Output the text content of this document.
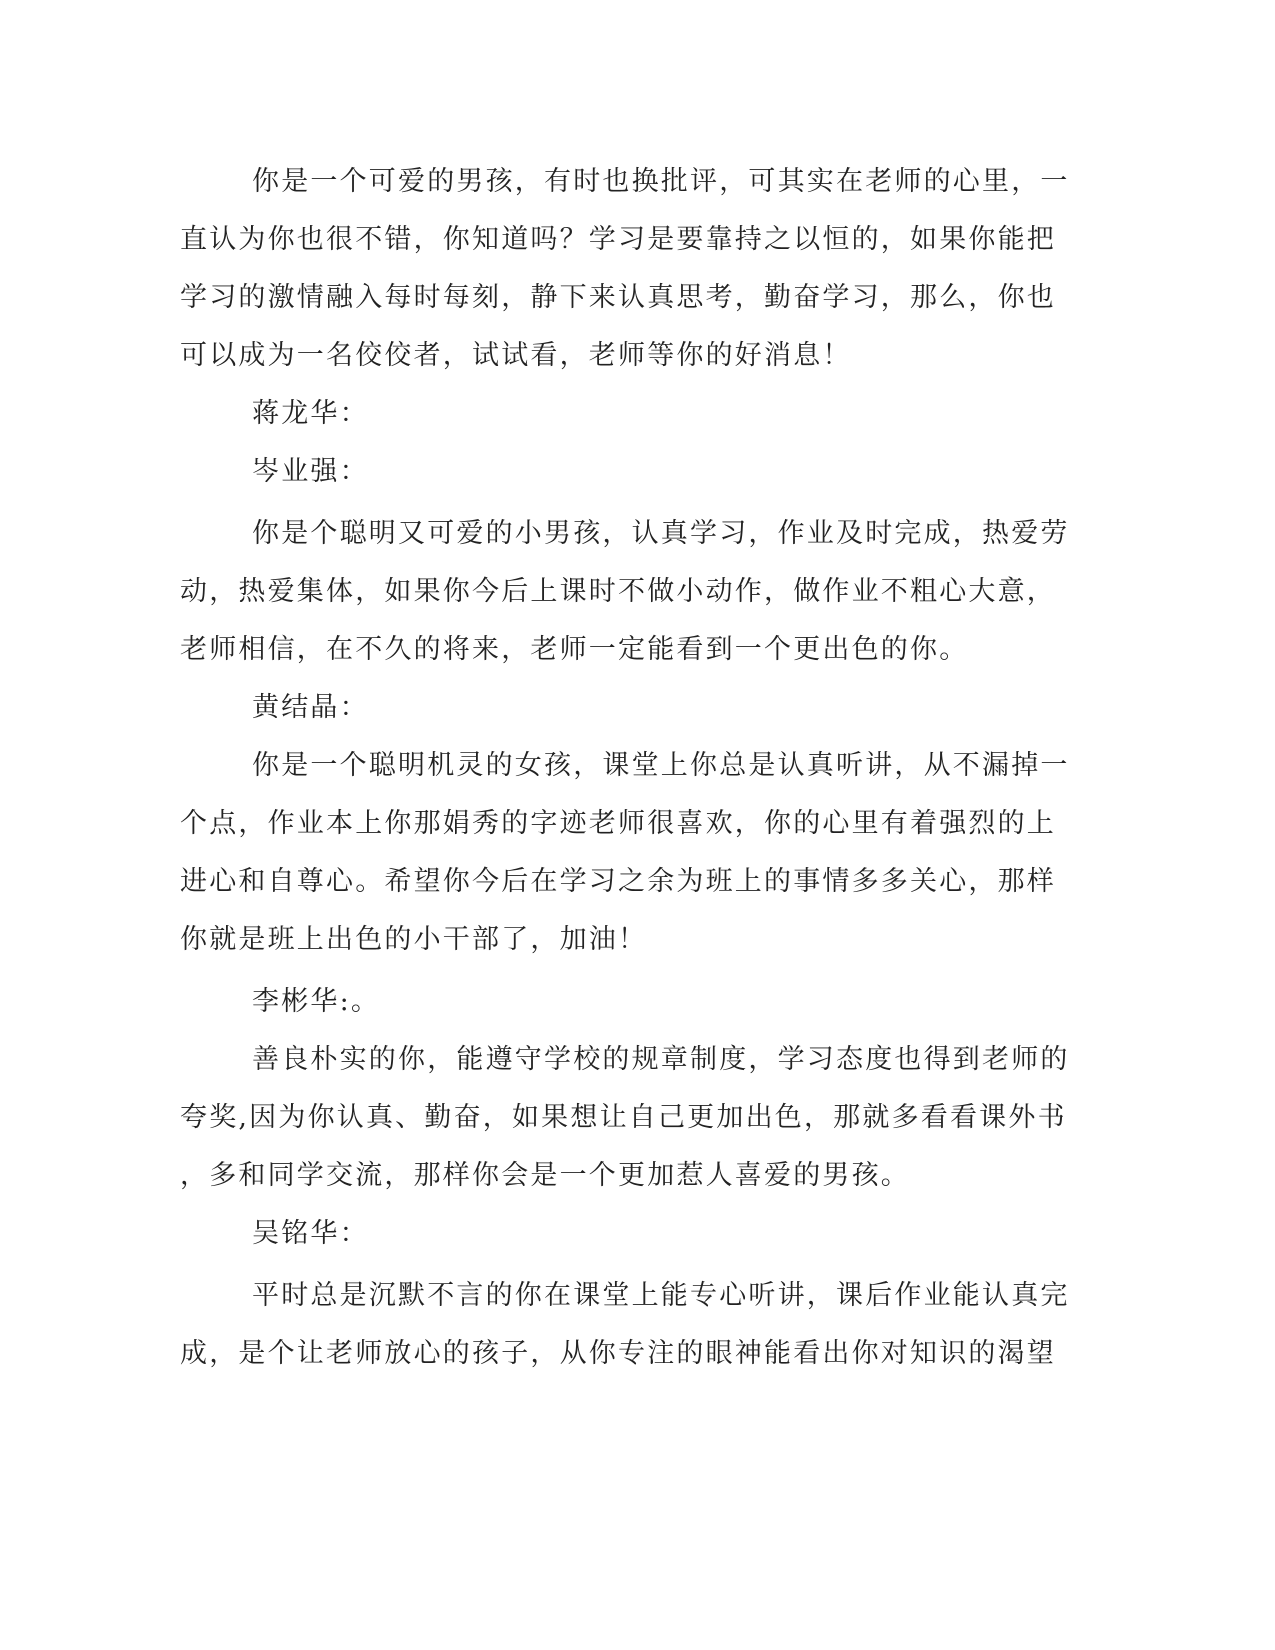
你是一个可爱的男孩，有时也换批评，可其实在老师的心里，一
直认为你也很不错，你知道吗？学习是要靠持之以恒的，如果你能把
学习的激情融入每时每刻，静下来认真思考，勤奋学习，那么，你也
可以成为一名佼佼者，试试看，老师等你的好消息！
蒋龙华：
岑业强：
你是个聪明又可爱的小男孩，认真学习，作业及时完成，热爱劳
动，热爱集体，如果你今后上课时不做小动作，做作业不粗心大意，
老师相信，在不久的将来，老师一定能看到一个更出色的你。
黄结晶：
你是一个聪明机灵的女孩，课堂上你总是认真听讲，从不漏掉一
个点，作业本上你那娟秀的字迹老师很喜欢，你的心里有着强烈的上
进心和自尊心。希望你今后在学习之余为班上的事情多多关心，那样
你就是班上出色的小干部了，加油！
李彬华:。
善良朴实的你，能遵守学校的规章制度，学习态度也得到老师的
夸奖,因为你认真、勤奋，如果想让自己更加出色，那就多看看课外书
，多和同学交流，那样你会是一个更加惹人喜爱的男孩。
吴铭华：
平时总是沉默不言的你在课堂上能专心听讲，课后作业能认真完
成，是个让老师放心的孩子，从你专注的眼神能看出你对知识的渴望
